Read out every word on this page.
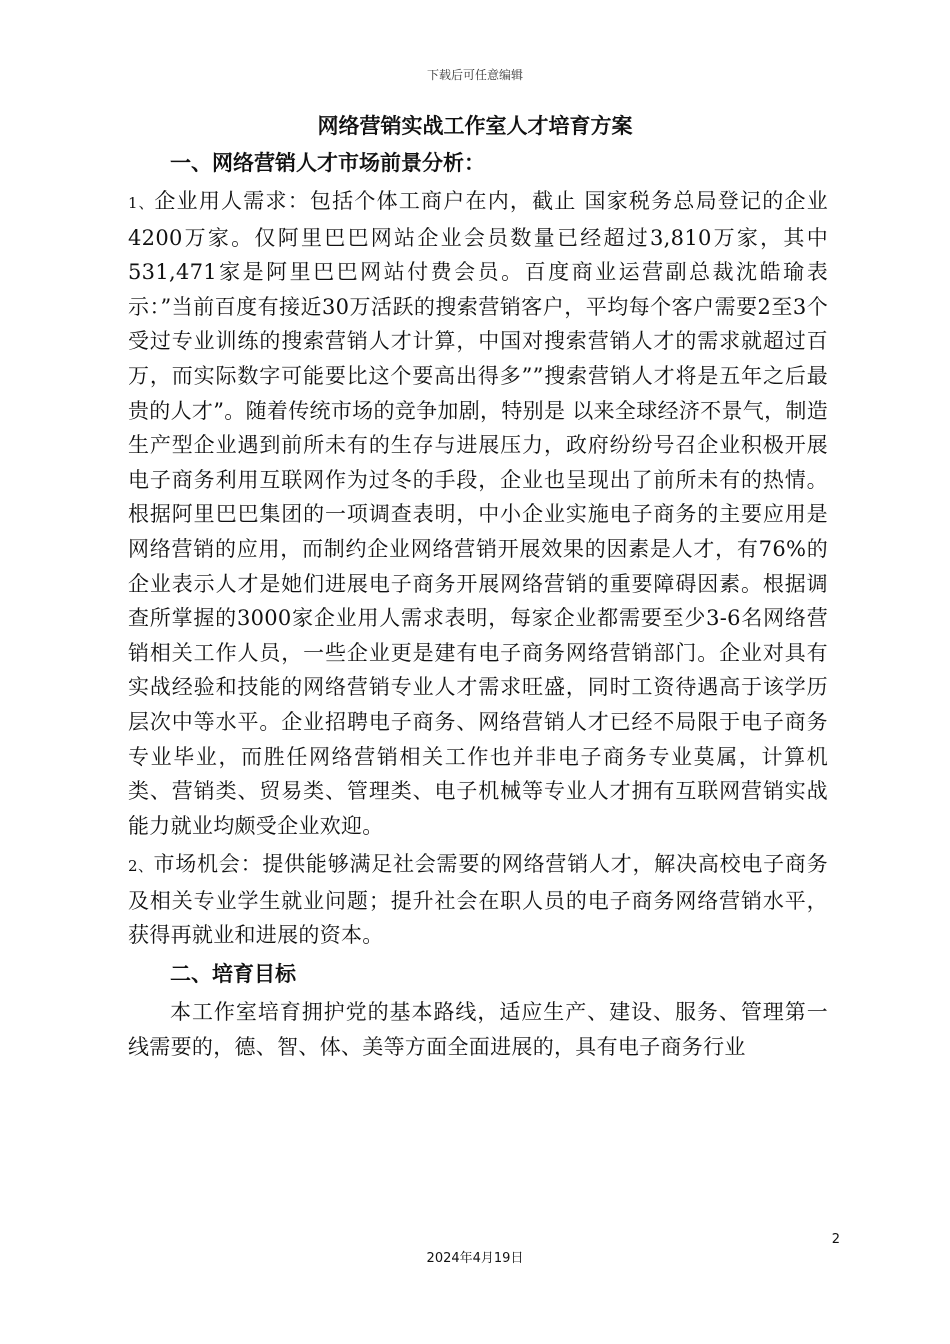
下载后可任意编辑
网络营销实战工作室人才培育方案
一、网络营销人才市场前景分析：

1、企业用人需求：包括个体工商户在内，截止 国家税务总局登记的企业4200万家。仅阿里巴巴网站企业会员数量已经超过3,810万家，其中531,471家是阿里巴巴网站付费会员。百度商业运营副总裁沈皓瑜表示：”当前百度有接近30万活跃的搜索营销客户，平均每个客户需要2至3个受过专业训练的搜索营销人才计算，中国对搜索营销人才的需求就超过百万，而实际数字可能要比这个要高出得多””搜索营销人才将是五年之后最贵的人才”。随着传统市场的竞争加剧，特别是 以来全球经济不景气，制造生产型企业遇到前所未有的生存与进展压力，政府纷纷号召企业积极开展电子商务利用互联网作为过冬的手段，企业也呈现出了前所未有的热情。根据阿里巴巴集团的一项调查表明，中小企业实施电子商务的主要应用是网络营销的应用，而制约企业网络营销开展效果的因素是人才，有76%的企业表示人才是她们进展电子商务开展网络营销的重要障碍因素。根据调查所掌握的3000家企业用人需求表明，每家企业都需要至少3-6名网络营销相关工作人员，一些企业更是建有电子商务网络营销部门。企业对具有实战经验和技能的网络营销专业人才需求旺盛，同时工资待遇高于该学历层次中等水平。企业招聘电子商务、网络营销人才已经不局限于电子商务专业毕业，而胜任网络营销相关工作也并非电子商务专业莫属，计算机类、营销类、贸易类、管理类、电子机械等专业人才拥有互联网营销实战能力就业均颇受企业欢迎。

2、市场机会：提供能够满足社会需要的网络营销人才，解决高校电子商务及相关专业学生就业问题；提升社会在职人员的电子商务网络营销水平，获得再就业和进展的资本。

二、培育目标

本工作室培育拥护党的基本路线，适应生产、建设、服务、管理第一线需要的，德、智、体、美等方面全面进展的，具有电子商务行业

2
2024年4月19日
